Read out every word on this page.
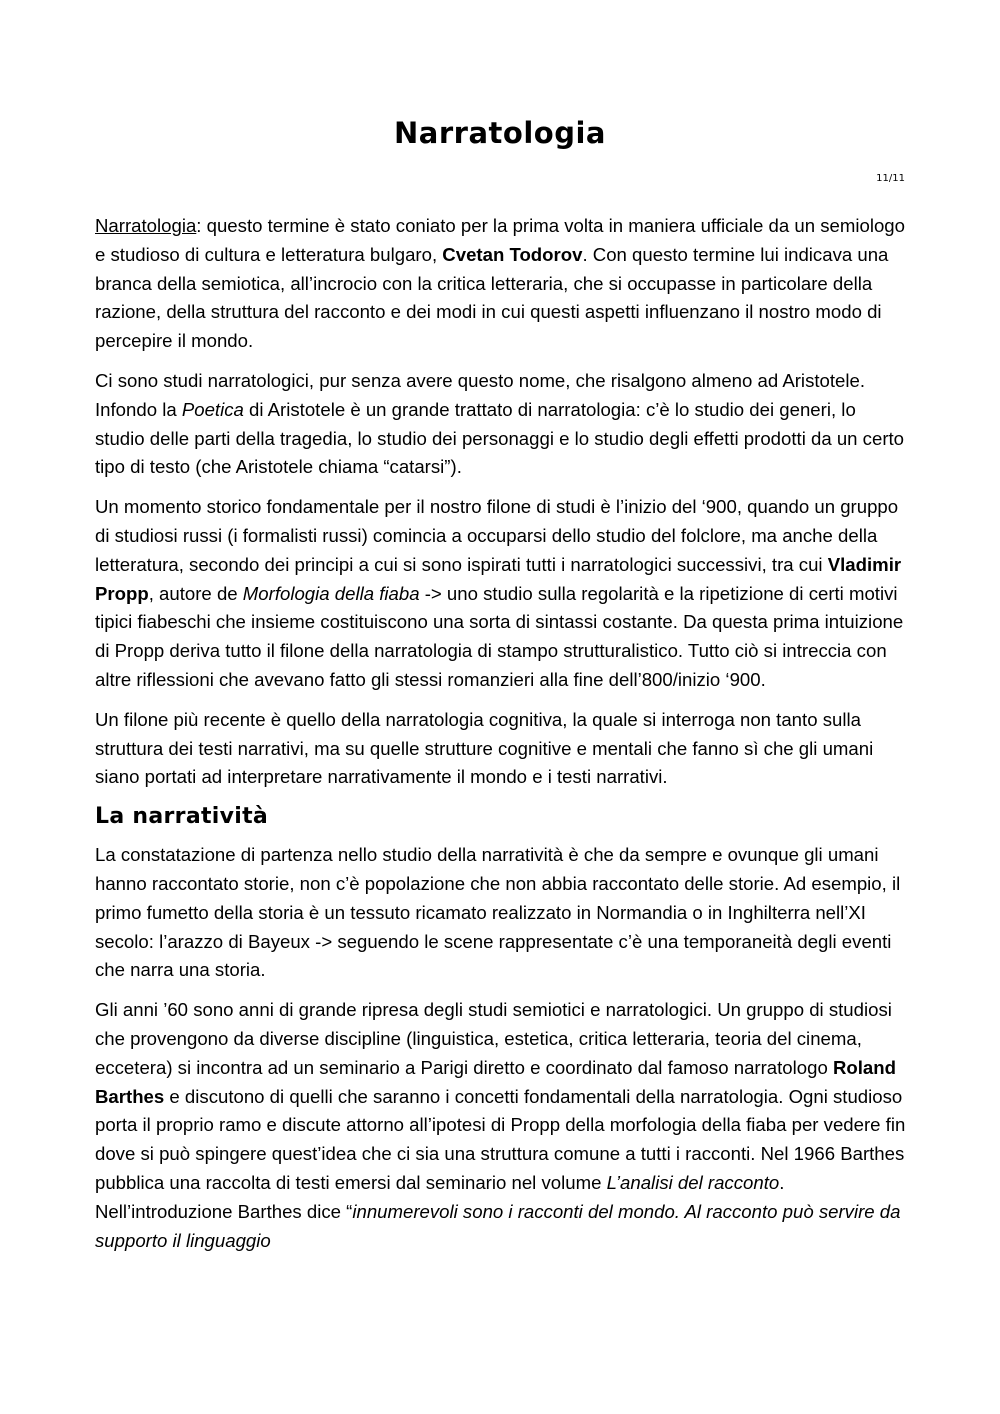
Narratologia
11/11

Narratologia: questo termine è stato coniato per la prima volta in maniera ufficiale da un semiologo e studioso di cultura e letteratura bulgaro, Cvetan Todorov. Con questo termine lui indicava una branca della semiotica, all’incrocio con la critica letteraria, che si occupasse in particolare della razione, della struttura del racconto e dei modi in cui questi aspetti influenzano il nostro modo di percepire il mondo.

Ci sono studi narratologici, pur senza avere questo nome, che risalgono almeno ad Aristotele. Infondo la Poetica di Aristotele è un grande trattato di narratologia: c’è lo studio dei generi, lo studio delle parti della tragedia, lo studio dei personaggi e lo studio degli effetti prodotti da un certo tipo di testo (che Aristotele chiama “catarsi”).

Un momento storico fondamentale per il nostro filone di studi è l’inizio del ‘900, quando un gruppo di studiosi russi (i formalisti russi) comincia a occuparsi dello studio del folclore, ma anche della letteratura, secondo dei principi a cui si sono ispirati tutti i narratologici successivi, tra cui Vladimir Propp, autore de Morfologia della fiaba -> uno studio sulla regolarità e la ripetizione di certi motivi tipici fiabeschi che insieme costituiscono una sorta di sintassi costante. Da questa prima intuizione di Propp deriva tutto il filone della narratologia di stampo strutturalistico. Tutto ciò si intreccia con altre riflessioni che avevano fatto gli stessi romanzieri alla fine dell’800/inizio ‘900.

Un filone più recente è quello della narratologia cognitiva, la quale si interroga non tanto sulla struttura dei testi narrativi, ma su quelle strutture cognitive e mentali che fanno sì che gli umani siano portati ad interpretare narrativamente il mondo e i testi narrativi.

La narratività

La constatazione di partenza nello studio della narratività è che da sempre e ovunque gli umani hanno raccontato storie, non c’è popolazione che non abbia raccontato delle storie. Ad esempio, il primo fumetto della storia è un tessuto ricamato realizzato in Normandia o in Inghilterra nell’XI secolo: l’arazzo di Bayeux -> seguendo le scene rappresentate c’è una temporaneità degli eventi che narra una storia.

Gli anni ’60 sono anni di grande ripresa degli studi semiotici e narratologici. Un gruppo di studiosi che provengono da diverse discipline (linguistica, estetica, critica letteraria, teoria del cinema, eccetera) si incontra ad un seminario a Parigi diretto e coordinato dal famoso narratologo Roland Barthes e discutono di quelli che saranno i concetti fondamentali della narratologia. Ogni studioso porta il proprio ramo e discute attorno all’ipotesi di Propp della morfologia della fiaba per vedere fin dove si può spingere quest’idea che ci sia una struttura comune a tutti i racconti. Nel 1966 Barthes pubblica una raccolta di testi emersi dal seminario nel volume L’analisi del racconto. Nell’introduzione Barthes dice “innumerevoli sono i racconti del mondo. Al racconto può servire da supporto il linguaggio
